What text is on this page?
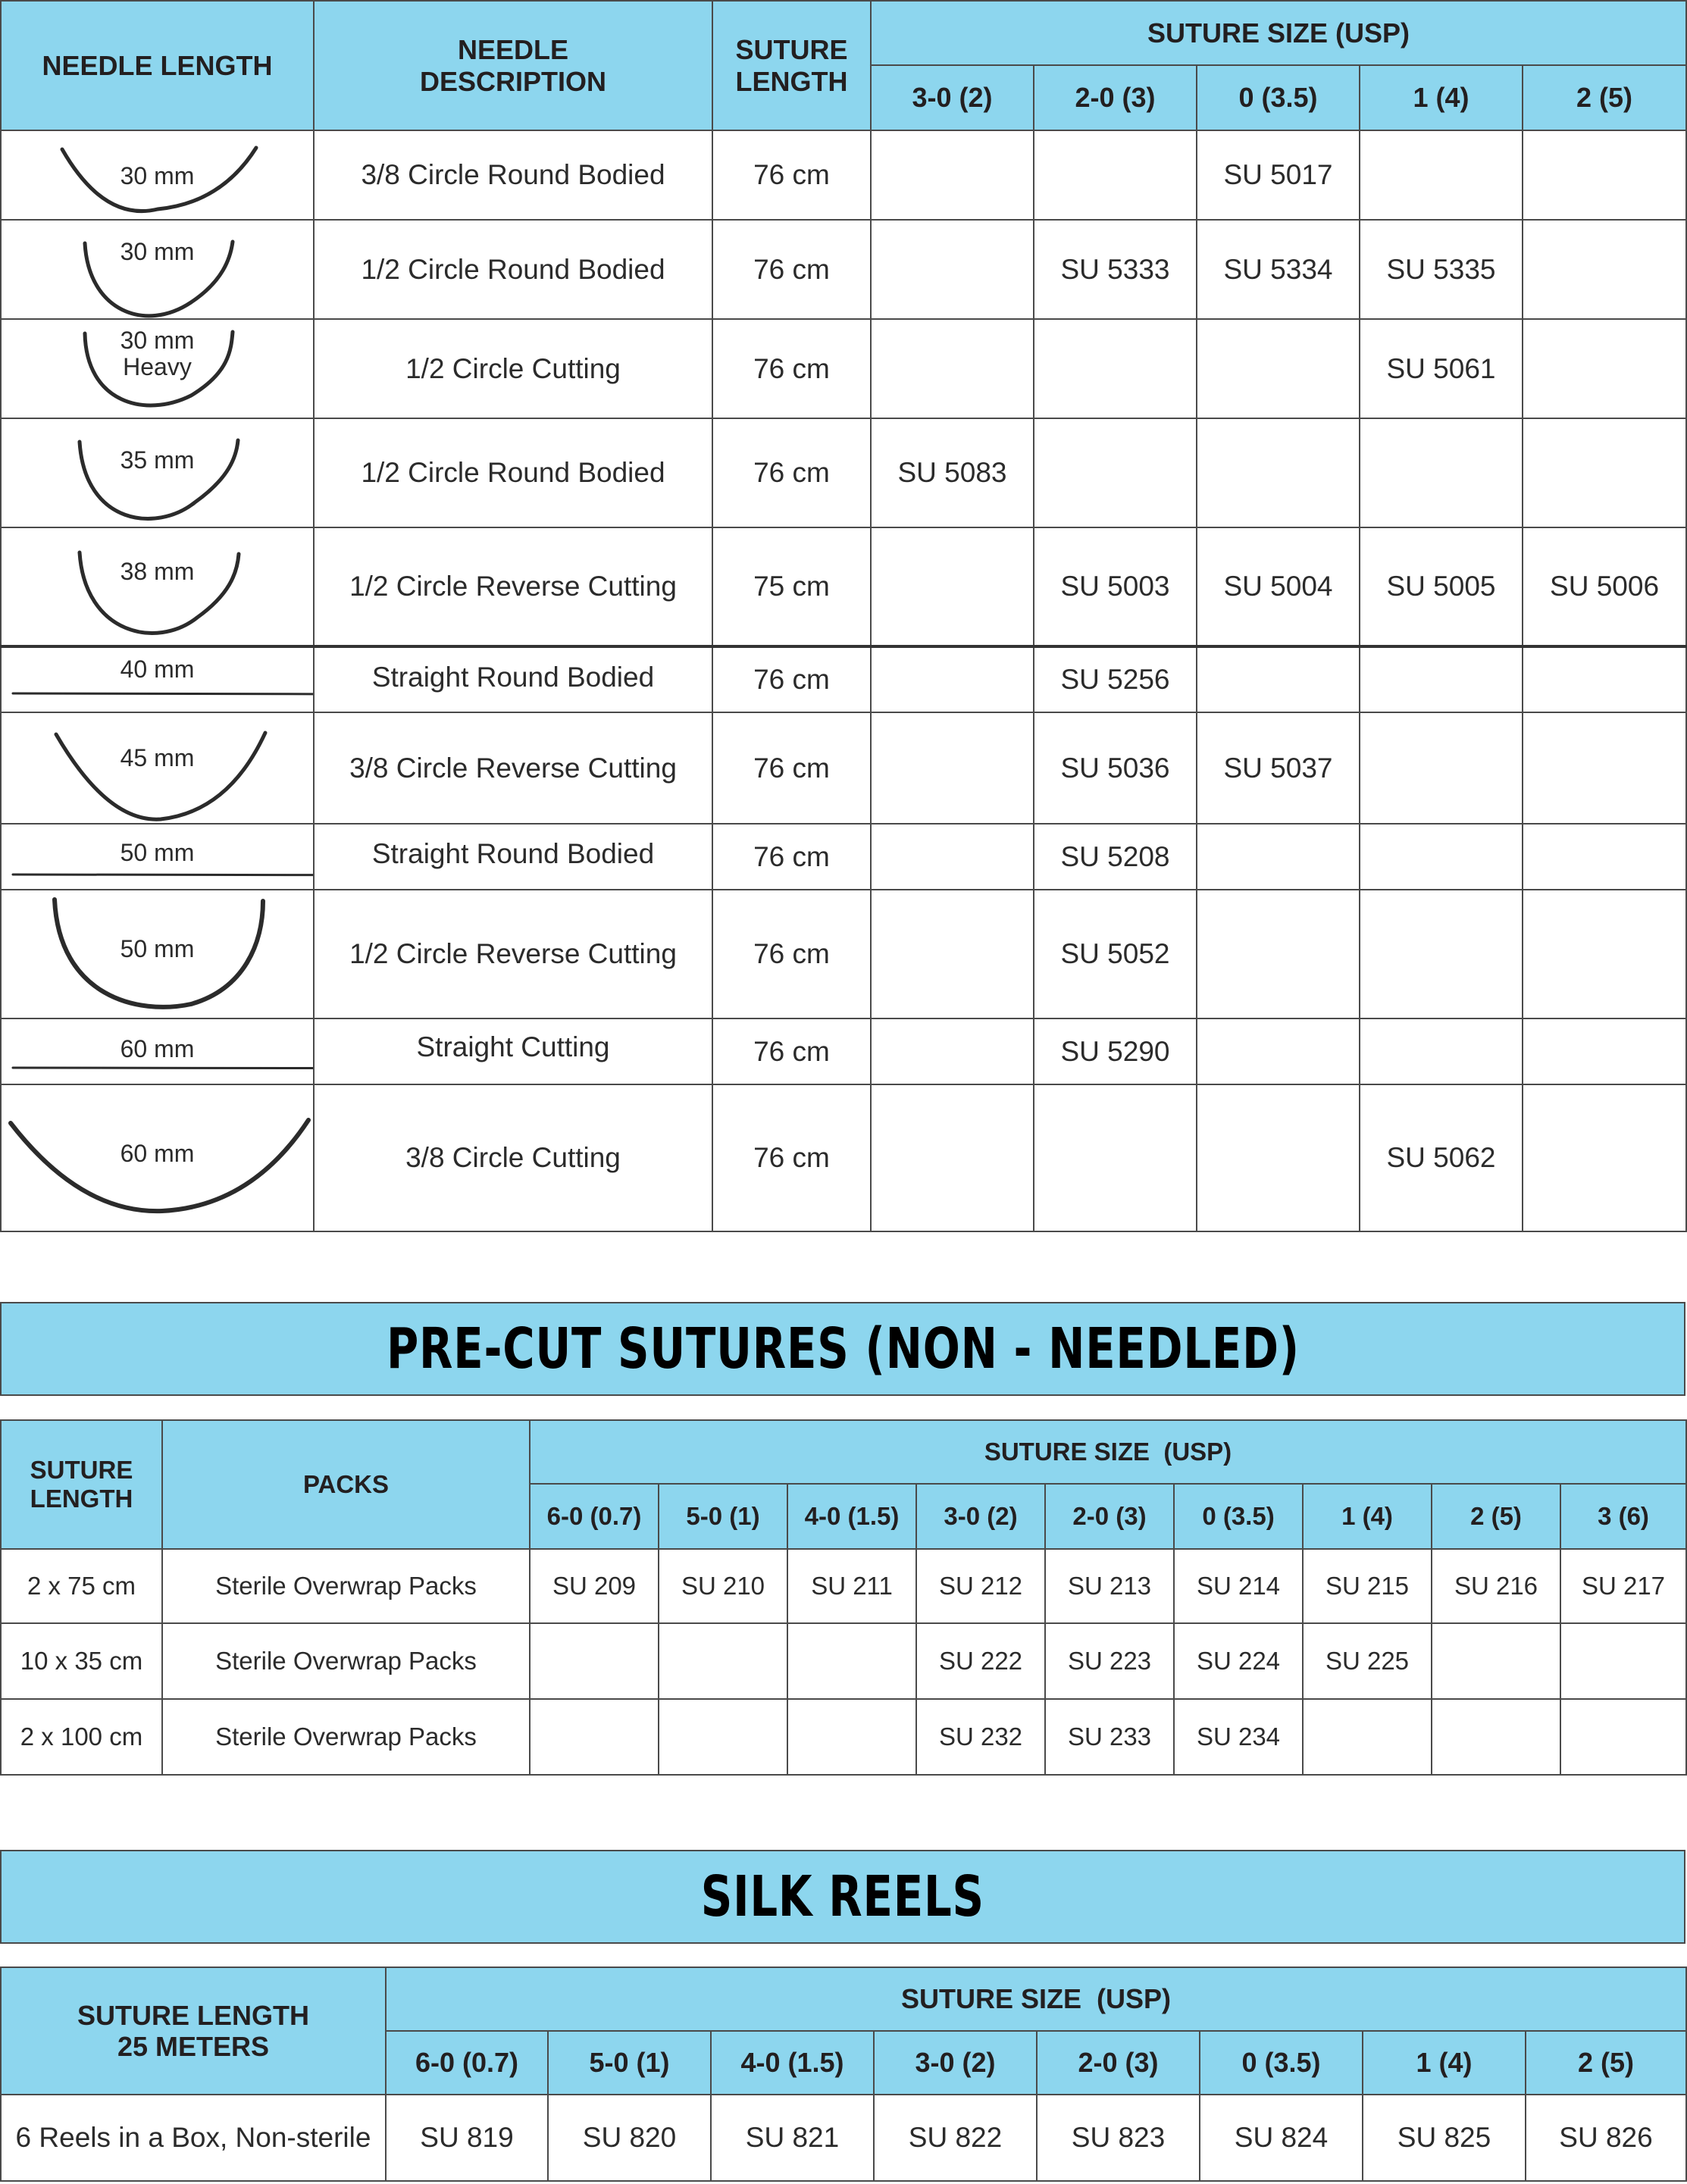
NEEDLE LENGTH	NEEDLE DESCRIPTION	SUTURE LENGTH	SUTURE SIZE (USP)				
			3-0 (2)	2-0 (3)	0 (3.5)	1 (4)	2 (5)

30 mm	3/8 Circle Round Bodied	76 cm			SU 5017		

30 mm	1/2 Circle Round Bodied	76 cm		SU 5333	SU 5334	SU 5335	

30 mm
Heavy	1/2 Circle Cutting	76 cm				SU 5061	

35 mm	1/2 Circle Round Bodied	76 cm	SU 5083				

38 mm	1/2 Circle Reverse Cutting	75 cm		SU 5003	SU 5004	SU 5005	SU 5006

40 mm	Straight Round Bodied	76 cm		SU 5256			

45 mm	3/8 Circle Reverse Cutting	76 cm		SU 5036	SU 5037		

50 mm	Straight Round Bodied	76 cm		SU 5208			

50 mm	1/2 Circle Reverse Cutting	76 cm		SU 5052			

60 mm	Straight Cutting	76 cm		SU 5290			

60 mm	3/8 Circle Cutting	76 cm				SU 5062	
PRE-CUT SUTURES (NON - NEEDLED)
SUTURE LENGTH	PACKS	SUTURE SIZE  (USP)								
		6-0 (0.7)	5-0 (1)	4-0 (1.5)	3-0 (2)	2-0 (3)	0 (3.5)	1 (4)	2 (5)	3 (6)
2 x 75 cm	Sterile Overwrap Packs	SU 209	SU 210	SU 211	SU 212	SU 213	SU 214	SU 215	SU 216	SU 217
10 x 35 cm	Sterile Overwrap Packs				SU 222	SU 223	SU 224	SU 225		
2 x 100 cm	Sterile Overwrap Packs				SU 232	SU 233	SU 234			
SILK REELS
SUTURE LENGTH 25 METERS	SUTURE SIZE  (USP)							
	6-0 (0.7)	5-0 (1)	4-0 (1.5)	3-0 (2)	2-0 (3)	0 (3.5)	1 (4)	2 (5)
6 Reels in a Box, Non-sterile	SU 819	SU 820	SU 821	SU 822	SU 823	SU 824	SU 825	SU 826
